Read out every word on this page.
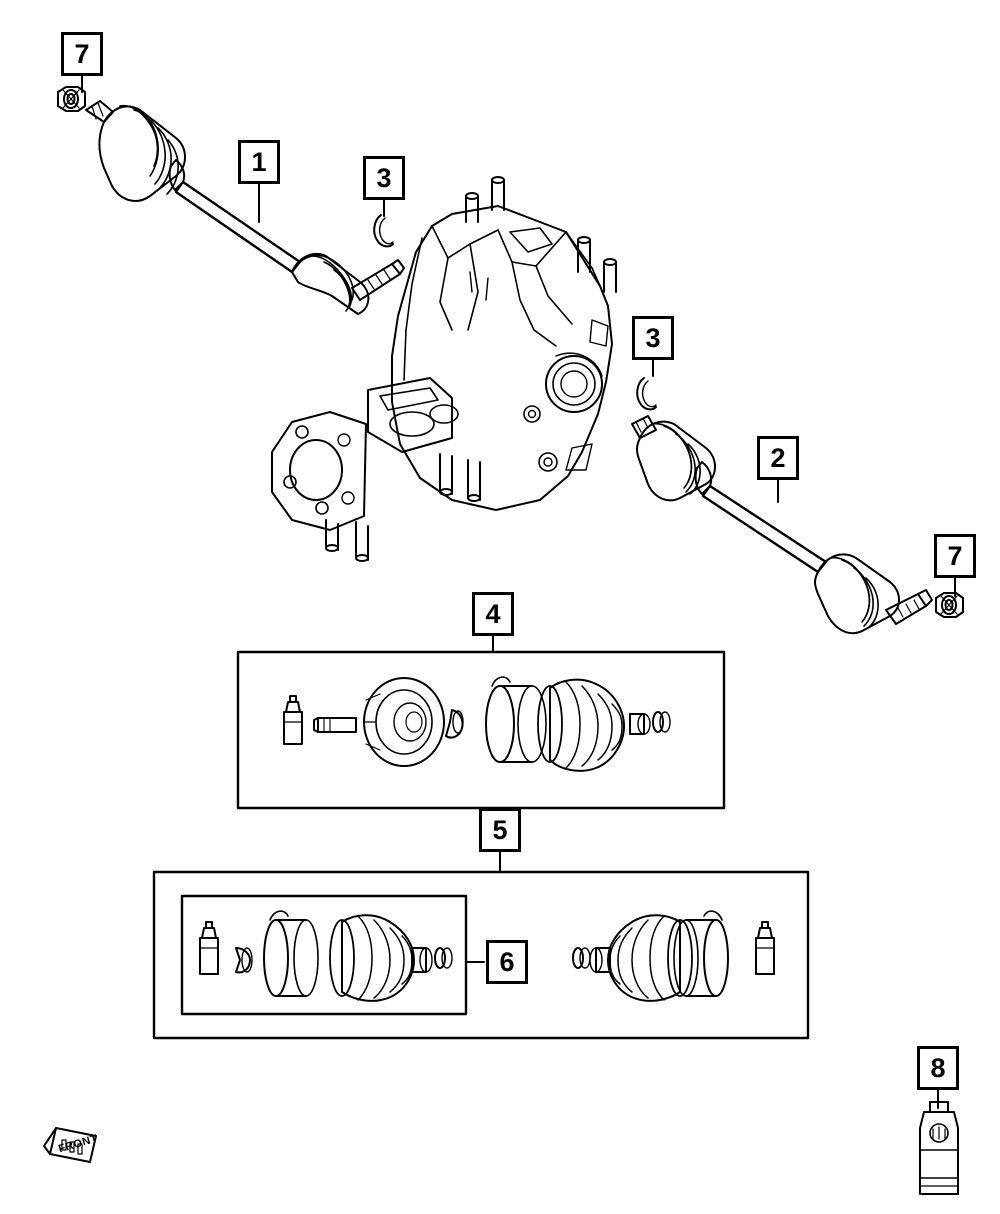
7
1
3
3
2
7
4
5
6
8
FRONT
